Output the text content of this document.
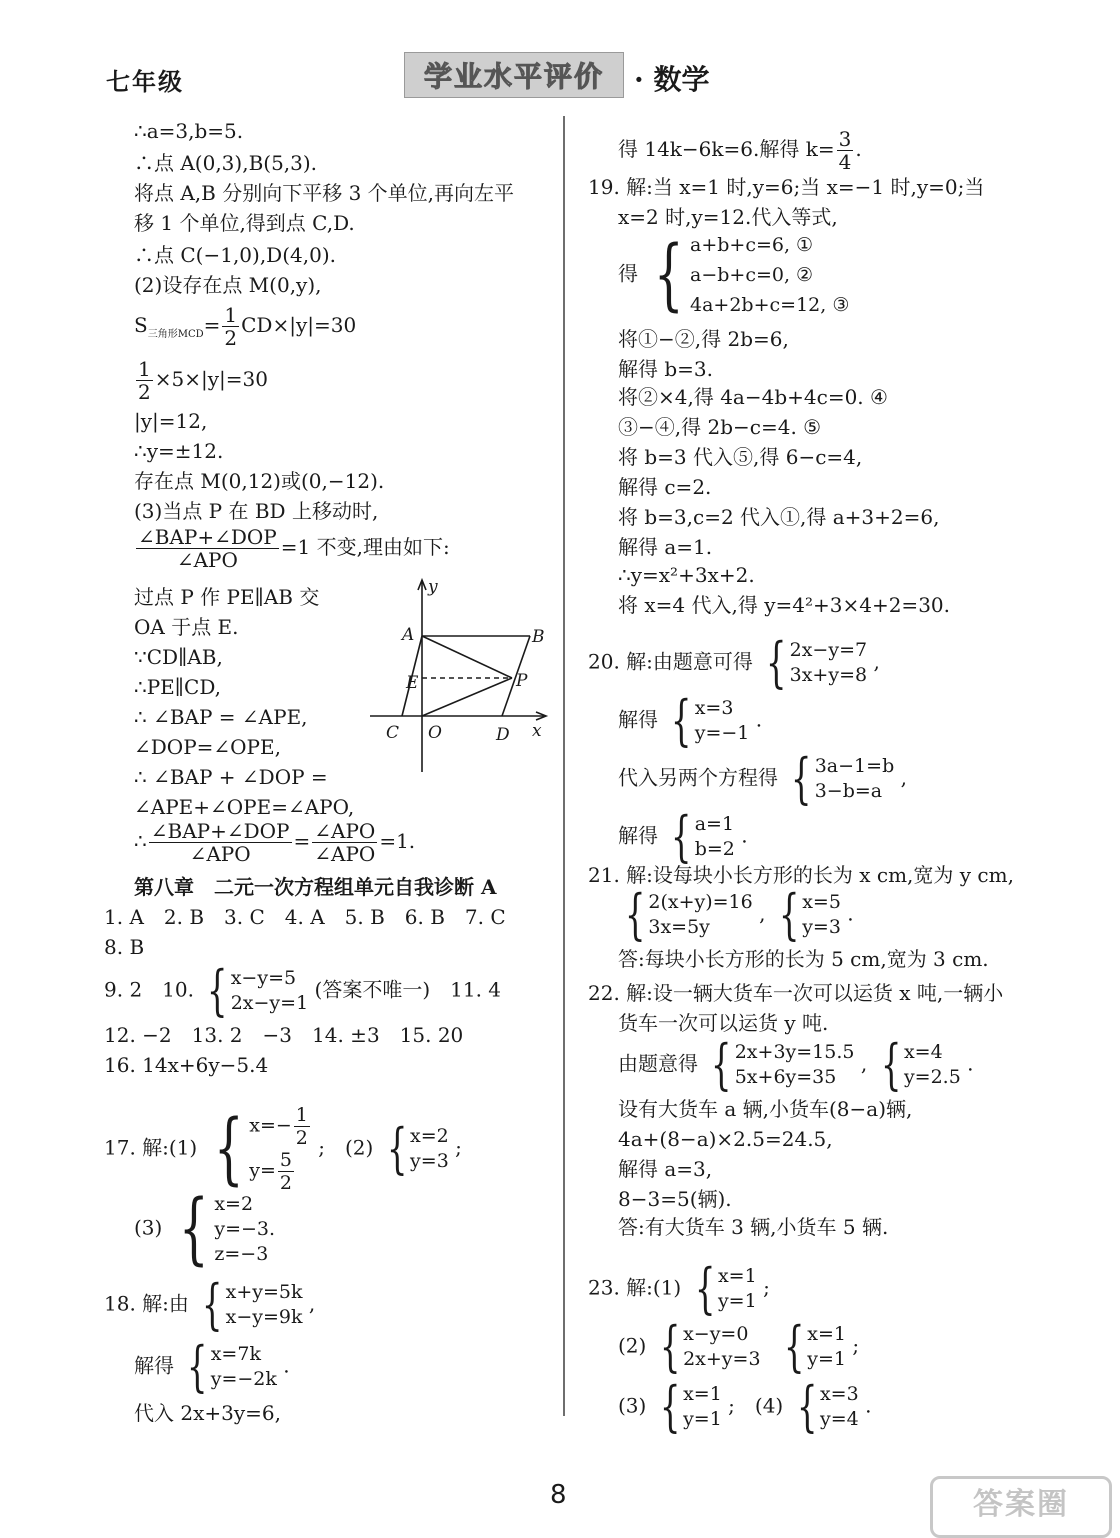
七年级	学业水平评价 · 数学
∴a=3,b=5.
∴点 A(0,3),B(5,3).
将点 A,B 分别向下平移 3 个单位,再向左平
移 1 个单位,得到点 C,D.
∴点 C(−1,0),D(4,0).
(2)设存在点 M(0,y),
$S_{三角形MCD}= \frac{1}{2} CD\times|y|=30$
$\frac{1}{2} \times 5\times|y|=30$
|y|=12,
∴y=±12.
存在点 M(0,12)或(0,−12).
(3)当点 P 在 BD 上移动时,
$\frac{\text{∠BAP+∠DOP}}{\text{∠APO}} =1$ 不变,理由如下:
过点 P 作 PE∥AB 交
OA 于点 E.
∵CD∥AB,
∴PE∥CD,
∴ ∠BAP = ∠APE,
∠DOP=∠OPE,
∴ ∠BAP + ∠DOP =
∠APE+∠OPE=∠APO,
∴ $\frac{\text{∠BAP+∠DOP}}{\text{∠APO}} = \frac{\text{∠APO}}{\text{∠APO}} =1$.
第八章　二元一次方程组单元自我诊断 A
1. A　2. B　3. C　4. A　5. B　6. B　7. C
8. B
9. 2　10. { x−y=5
2x−y=1
(答案不唯一)　11. 4
12. −2　13. 2　−3　14. ±3　15. 20
16. 14x+6y−5.4
17. 解:(1) { $x=- \frac{1}{2}$
$y= \frac{5}{2}$
;　(2) { x=2
y=3
;
(3) { x=2
y=−3.
z=−3
18. 解:由 { x+y=5k
x−y=9k
,
解得 { x=7k
y=−2k
.
代入 2x+3y=6,
y
A	B
E	P
C O	D x
得 14k−6k=6.解得 $k= \frac{3}{4}$ .
19. 解:当 x=1 时,y=6;当 x=−1 时,y=0;当
x=2 时,y=12.代入等式,
得 { a+b+c=6, ①
a−b+c=0, ②
4a+2b+c=12, ③
将①−②,得 2b=6,
解得 b=3.
将②×4,得 4a−4b+4c=0. ④
③−④,得 2b−c=4. ⑤
将 b=3 代入⑤,得 6−c=4,
解得 c=2.
将 b=3,c=2 代入①,得 a+3+2=6,
解得 a=1.
∴y=x²+3x+2.
将 x=4 代入,得 y=4²+3×4+2=30.
20. 解:由题意可得 { 2x−y=7
3x+y=8
,
解得 { x=3
y=−1
.
代入另两个方程得 { 3a−1=b
3−b=a
,
解得 { a=1
b=2
.
21. 解:设每块小长方形的长为 x cm,宽为 y cm,
{ 2(x+y)=16
3x=5y
, { x=5
y=3
.
答:每块小长方形的长为 5 cm,宽为 3 cm.
22. 解:设一辆大货车一次可以运货 x 吨,一辆小
货车一次可以运货 y 吨.
由题意得 { 2x+3y=15.5
5x+6y=35
, { x=4
y=2.5
.
设有大货车 a 辆,小货车(8−a)辆,
4a+(8−a)×2.5=24.5,
解得 a=3,
8−3=5(辆).
答:有大货车 3 辆,小货车 5 辆.
23. 解:(1) { x=1
y=1
;
(2) { x−y=0
2x+y=3
{ x=1
y=1
;
(3) { x=1
y=1
;　(4) { x=3
y=4
.
8	答案圈
